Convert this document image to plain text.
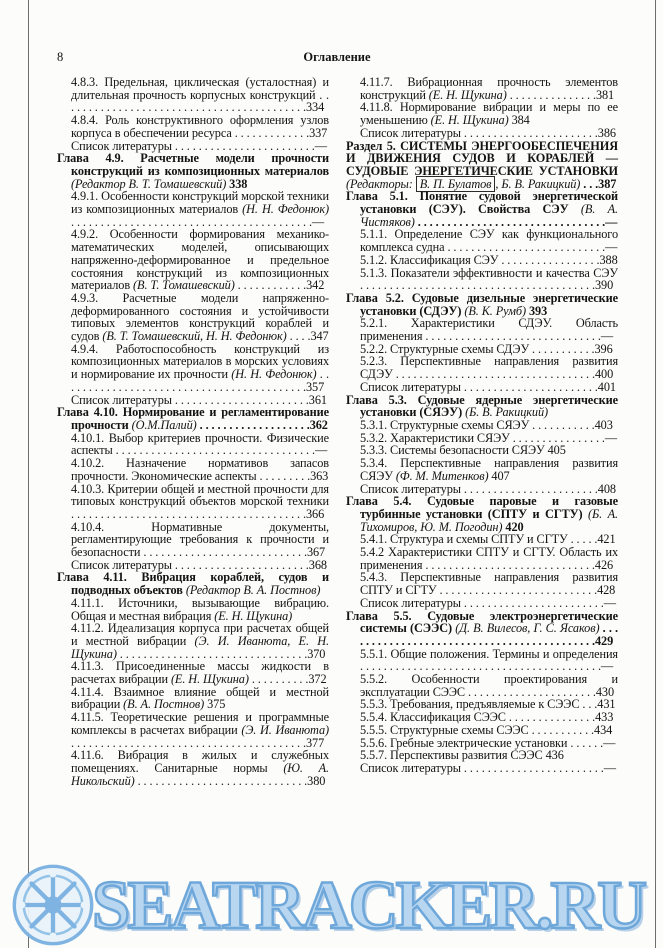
8	Оглавление

4.8.3. Предельная, циклическая (усталостная) и длительная прочность корпусных конструкций . . . . . . . . . . . . . . . . . . . . . . . . . . . . . . . . . . . . . . . . . .334

4.8.4. Роль конструктивного оформления узлов корпуса в обеспечении ресурса . . . . . . . . . . . . .337

Список литературы . . . . . . . . . . . . . . . . . . . . . . . .—

Глава 4.9. Расчетные модели прочности конструкций из композиционных материалов (Редактор В. Т. Томашевский) 338

4.9.1. Особенности конструкций морской техники из композиционных материалов (Н. Н. Федонюк) . . . . . . . . . . . . . . . . . . . . . . . . . . . . . . . . . . . . . . . . .—

4.9.2. Особенности формирования механико-математических моделей, описывающих напряженно-деформированное и предельное состояния конструкций из композиционных материалов (В. Т. Томашевский) . . . . . . . . . . . .342

4.9.3. Расчетные модели напряженно-деформированного состояния и устойчивости типовых элементов конструкций кораблей и судов (В. Т. Томашевский, Н. Н. Федонюк) . . . .347

4.9.4. Работоспособность конструкций из композиционных материалов в морских условиях и нормирование их прочности (Н. Н. Федонюк) . . . . . . . . . . . . . . . . . . . . . . . . . . . . . . . . . . . . . . . . . .357

Список литературы . . . . . . . . . . . . . . . . . . . . . . .361

Глава 4.10. Нормирование и регламентирование прочности (О.М.Палий) . . . . . . . . . . . . . . . . . . .362

4.10.1. Выбор критериев прочности. Физические аспекты . . . . . . . . . . . . . . . . . . . . . . . . . . . . . . . . . .—

4.10.2. Назначение нормативов запасов прочности. Экономические аспекты . . . . . . . . .363

4.10.3. Критерии общей и местной прочности для типовых конструкций объектов морской техники . . . . . . . . . . . . . . . . . . . . . . . . . . . . . . . . . . . . . . . .366

4.10.4. Нормативные документы, регламентирующие требования к прочности и безопасности . . . . . . . . . . . . . . . . . . . . . . . . . . . .367

Список литературы . . . . . . . . . . . . . . . . . . . . . . .368

Глава 4.11. Вибрация кораблей, судов и подводных объектов (Редактор В. А. Постнов)

4.11.1. Источники, вызывающие вибрацию. Общая и местная вибрация (Е. Н. Щукина)

4.11.2. Идеализация корпуса при расчетах общей и местной вибрации (Э. И. Иванюта, Е. Н. Щукина) . . . . . . . . . . . . . . . . . . . . . . . . . . . . . . . .370

4.11.3. Присоединенные массы жидкости в расчетах вибрации (Е. Н. Щукина) . . . . . . . . . .372

4.11.4. Взаимное влияние общей и местной вибрации (В. А. Постнов) 375

4.11.5. Теоретические решения и программные комплексы в расчетах вибрации (Э. И. Иванюта) . . . . . . . . . . . . . . . . . . . . . . . . . . . . . . . . . . . . . . . .377

4.11.6. Вибрация в жилых и служебных помещениях. Санитарные нормы (Ю. А. Никольский) . . . . . . . . . . . . . . . . . . . . . . . . . . . . .380

4.11.7. Вибрационная прочность элементов конструкций (Е. Н. Щукина) . . . . . . . . . . . . . . .381

4.11.8. Нормирование вибрации и меры по ее уменьшению (Е. Н. Щукина) 384

Список литературы . . . . . . . . . . . . . . . . . . . . . . .386

Раздел 5. СИСТЕМЫ ЭНЕРГООБЕСПЕЧЕНИЯ И ДВИЖЕНИЯ СУДОВ И КОРАБЛЕЙ — СУДОВЫЕ ЭНЕРГЕТИЧЕСКИЕ УСТАНОВКИ (Редакторы: В. П. Булатов , Б. В. Ракицкий) . . .387

Глава 5.1. Понятие судовой энергетической установки (СЭУ). Свойства СЭУ (В. А. Чистяков) . . . . . . . . . . . . . . . . . . . . . . . . . . . . . . . .—

5.1.1. Определение СЭУ как функционального комплекса судна . . . . . . . . . . . . . . . . . . . . . . . . . . .—

5.1.2. Классификация СЭУ . . . . . . . . . . . . . . . . .388

5.1.3. Показатели эффективности и качества СЭУ . . . . . . . . . . . . . . . . . . . . . . . . . . . . . . . . . . . . . . . .390

Глава 5.2. Судовые дизельные энергетические установки (СДЭУ) (В. К. Румб) 393

5.2.1. Характеристики СДЭУ. Область применения . . . . . . . . . . . . . . . . . . . . . . . . . . . . . .—

5.2.2. Структурные схемы СДЭУ . . . . . . . . . . .396

5.2.3. Перспективные направления развития СДЭУ . . . . . . . . . . . . . . . . . . . . . . . . . . . . . . . . . .400

Список литературы . . . . . . . . . . . . . . . . . . . . . . .401

Глава 5.3. Судовые ядерные энергетические установки (СЯЭУ) (Б. В. Ракицкий)

5.3.1. Структурные схемы СЯЭУ . . . . . . . . . . .403

5.3.2. Характеристики СЯЭУ . . . . . . . . . . . . . . . .—

5.3.3. Системы безопасности СЯЭУ 405

5.3.4. Перспективные направления развития СЯЭУ (Ф. М. Митенков) 407

Список литературы . . . . . . . . . . . . . . . . . . . . . . .408

Глава 5.4. Судовые паровые и газовые турбинные установки (СПТУ и СГТУ) (Б. А. Тихомиров, Ю. М. Погодин) 420

5.4.1. Структура и схемы СПТУ и СГТУ . . . . .421

5.4.2 Характеристики СПТУ и СГТУ. Область их применения . . . . . . . . . . . . . . . . . . . . . . . . . . . . .426

5.4.3. Перспективные направления развития СПТУ и СГТУ . . . . . . . . . . . . . . . . . . . . . . . . . . .428

Список литературы . . . . . . . . . . . . . . . . . . . . . . . .—

Глава 5.5. Судовые электроэнергетические системы (СЭЭС) (Д. В. Вилесов, Г. С. Ясаков) . . . . . . . . . . . . . . . . . . . . . . . . . . . . . . . . . . . . . . . . . . .429

5.5.1. Общие положения. Термины и определения . . . . . . . . . . . . . . . . . . . . . . . . . . . . . . . . . . . . . . . . .—

5.5.2. Особенности проектирования и эксплуатации СЭЭС . . . . . . . . . . . . . . . . . . . . . .430

5.5.3. Требования, предъявляемые к СЭЭС . . .431

5.5.4. Классификация СЭЭС . . . . . . . . . . . . . . .433

5.5.5. Структурные схемы СЭЭС . . . . . . . . . . .434

5.5.6. Гребные электрические установки . . . . . .—

5.5.7. Перспективы развития СЭЭС 436

Список литературы . . . . . . . . . . . . . . . . . . . . . . . .—

SEATRACKER.RU
